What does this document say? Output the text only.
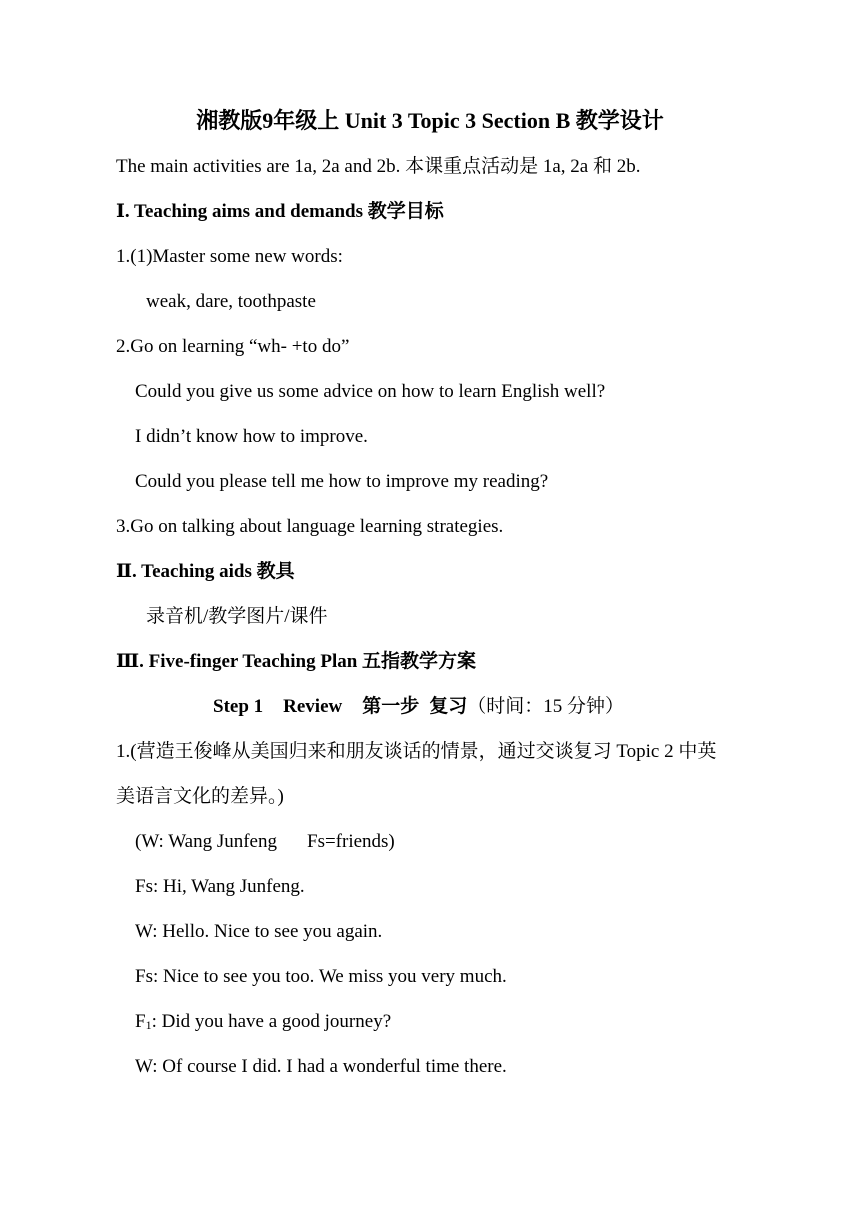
湘教版9年级上 Unit 3 Topic 3 Section B 教学设计
The main activities are 1a, 2a and 2b. 本课重点活动是 1a, 2a 和 2b.
Ⅰ. Teaching aims and demands 教学目标
1.(1)Master some new words:
weak, dare, toothpaste
2.Go on learning “wh- +to do”
Could you give us some advice on how to learn English well?
I didn’t know how to improve.
Could you please tell me how to improve my reading?
3.Go on talking about language learning strategies.
Ⅱ. Teaching aids 教具
录音机/教学图片/课件
Ⅲ. Five-finger Teaching Plan 五指教学方案
Step 1 Review 第一步 复习（时间：15 分钟）
1.(营造王俊峰从美国归来和朋友谈话的情景，通过交谈复习 Topic 2 中英
美语言文化的差异。)
(W: Wang Junfeng Fs=friends)
Fs: Hi, Wang Junfeng.
W: Hello. Nice to see you again.
Fs: Nice to see you too. We miss you very much.
$F_1$: Did you have a good journey?
W: Of course I did. I had a wonderful time there.
